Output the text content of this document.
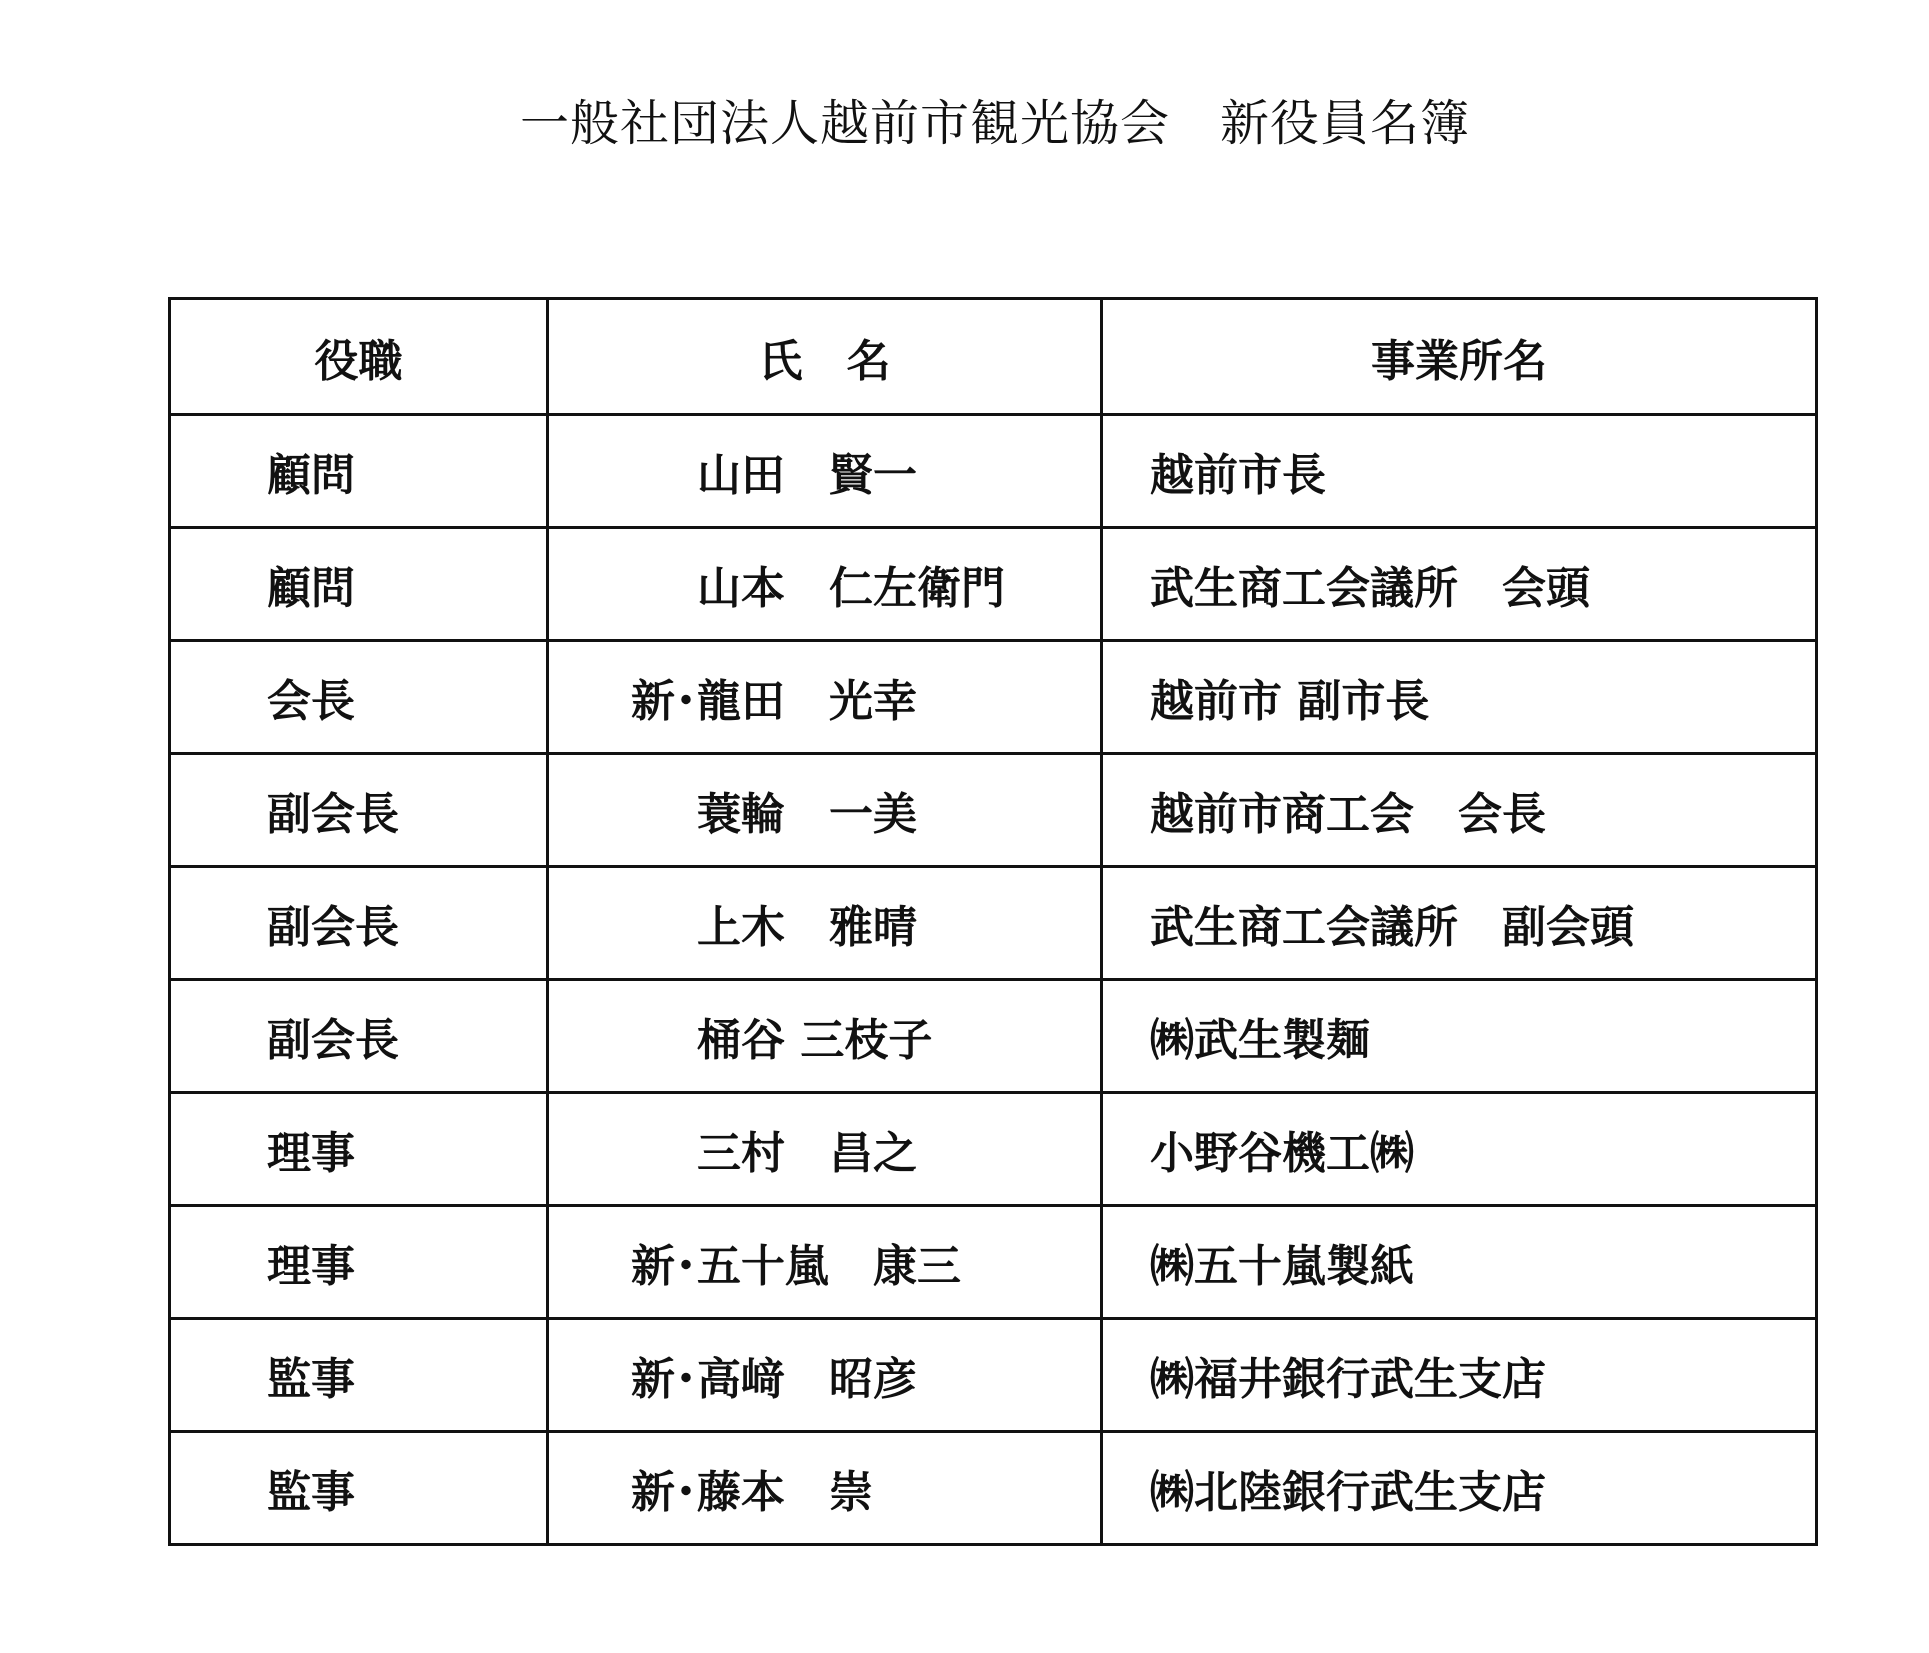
一般社団法人越前市観光協会　新役員名簿
役職	氏　名	事業所名
顧問	山田　賢一	越前市長
顧問	山本　仁左衛門	武生商工会議所　会頭
会長	新･龍田　光幸	越前市 副市長
副会長	蓑輪　一美	越前市商工会　会長
副会長	上木　雅晴	武生商工会議所　副会頭
副会長	桶谷 三枝子	㈱武生製麺
理事	三村　昌之	小野谷機工㈱
理事	新･五十嵐　康三	㈱五十嵐製紙
監事	新･高﨑　昭彦	㈱福井銀行武生支店
監事	新･藤本　崇	㈱北陸銀行武生支店
